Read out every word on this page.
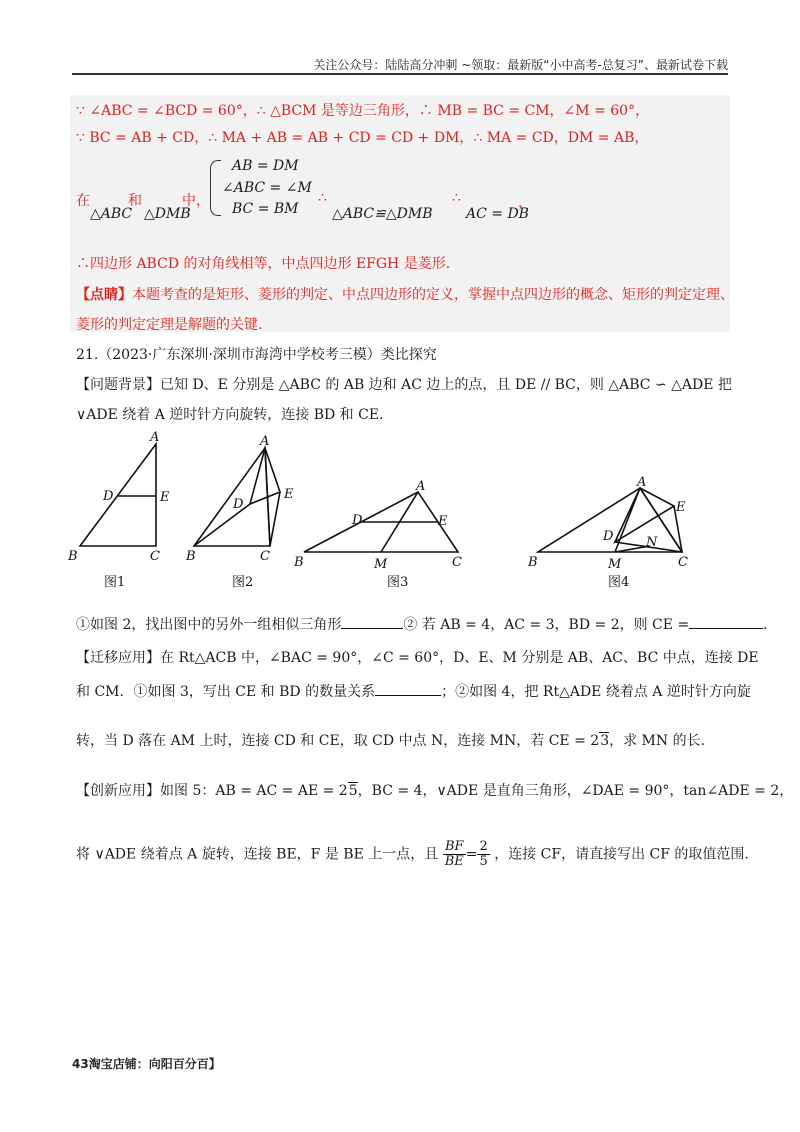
关注公众号：陆陆高分冲刺 ~领取：最新版“小中高考-总复习”、最新试卷下载
∵ ∠ABC = ∠BCD = 60°，∴ △BCM 是等边三角形，∴ MB = BC = CM，∠M = 60°，
∵ BC = AB + CD，∴ MA + AB = AB + CD = CD + DM，∴ MA = CD，DM = AB，
在	和	中，
△ABC △DMB
AB = DM
∠ABC = ∠M
BC = BM
∴
△ABC≌△DMB
∴
AC = DB
，
∴四边形 ABCD 的对角线相等，中点四边形 EFGH 是菱形.
【点睛】本题考查的是矩形、菱形的判定、中点四边形的定义，掌握中点四边形的概念、矩形的判定定理、
菱形的判定定理是解题的关键.
21.（2023·广东深圳·深圳市海湾中学校考三模）类比探究
【问题背景】已知 D、E 分别是 △ABC 的 AB 边和 AC 边上的点，且 DE // BC，则 △ABC ∽ △ADE 把
∨ADE 绕着 A 逆时针方向旋转，连接 BD 和 CE.
A
B	C
D	E
A
B	C
D
E
A
B	C
D	E
M
A
B	C
D
E
M
N
图1	图2	图3	图4
①如图 2，找出图中的另外一组相似三角形	② 若 AB = 4，AC = 3，BD = 2，则 CE =	.
【迁移应用】在 Rt△ACB 中，∠BAC = 90°，∠C = 60°，D、E、M 分别是 AB、AC、BC 中点，连接 DE
和 CM．①如图 3，写出 CE 和 BD 的数量关系	；②如图 4，把 Rt△ADE 绕着点 A 逆时针方向旋
转，当 D 落在 AM 上时，连接 CD 和 CE，取 CD 中点 N，连接 MN，若 CE = 23，求 MN 的长.
【创新应用】如图 5：AB = AC = AE = 25，BC = 4，∨ADE 是直角三角形，∠DAE = 90°，tan∠ADE = 2，
将 ∨ADE 绕着点 A 旋转，连接 BE，F 是 BE 上一点，且 $\frac{BF}{BE} = \frac{2}{5}$ ，连接 CF，请直接写出 CF 的取值范围.
43淘宝店铺：向阳百分百】
